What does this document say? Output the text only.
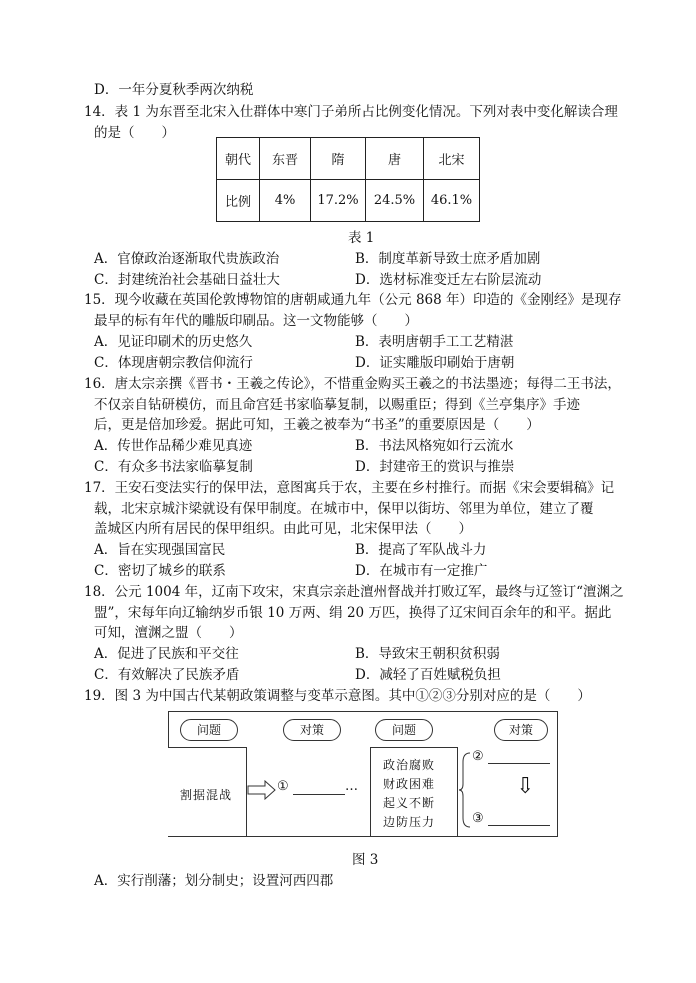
D．一年分夏秋季两次纳税
14．表 1 为东晋至北宋入仕群体中寒门子弟所占比例变化情况。下列对表中变化解读合理
的是（　　）
朝代	东晋	隋	唐	北宋
比例	4%	17.2%	24.5%	46.1%
表 1
A．官僚政治逐渐取代贵族政治	B．制度革新导致士庶矛盾加剧
C．封建统治社会基础日益壮大	D．选材标准变迁左右阶层流动
15．现今收藏在英国伦敦博物馆的唐朝咸通九年（公元 868 年）印造的《金刚经》是现存
最早的标有年代的雕版印刷品。这一文物能够（　　）
A．见证印刷术的历史悠久	B．表明唐朝手工工艺精湛
C．体现唐朝宗教信仰流行	D．证实雕版印刷始于唐朝
16．唐太宗亲撰《晋书・王羲之传论》，不惜重金购买王羲之的书法墨迹；每得二王书法，
不仅亲自钻研模仿，而且命宫廷书家临摹复制，以赐重臣；得到《兰亭集序》手迹
后，更是倍加珍爱。据此可知，王羲之被奉为“书圣”的重要原因是（　　）
A．传世作品稀少难见真迹	B．书法风格宛如行云流水
C．有众多书法家临摹复制	D．封建帝王的赏识与推崇
17．王安石变法实行的保甲法，意图寓兵于农，主要在乡村推行。而据《宋会要辑稿》记
载，北宋京城汴梁就设有保甲制度。在城市中，保甲以街坊、邻里为单位，建立了覆
盖城区内所有居民的保甲组织。由此可见，北宋保甲法（　　）
A．旨在实现强国富民	B．提高了军队战斗力
C．密切了城乡的联系	D．在城市有一定推广
18．公元 1004 年，辽南下攻宋，宋真宗亲赴澶州督战并打败辽军，最终与辽签订“澶渊之
盟”，宋每年向辽输纳岁币银 10 万两、绢 20 万匹，换得了辽宋间百余年的和平。据此
可知，澶渊之盟（　　）
A．促进了民族和平交往	B．导致宋王朝积贫积弱
C．有效解决了民族矛盾	D．减轻了百姓赋税负担
19．图 3 为中国古代某朝政策调整与变革示意图。其中①②③分别对应的是（　　）
问题	对策	问题	对策
割据混战
①	…
政治腐败
财政困难
起义不断
边防压力
②
⇩
③
图 3
A．实行削藩；划分制史；设置河西四郡
